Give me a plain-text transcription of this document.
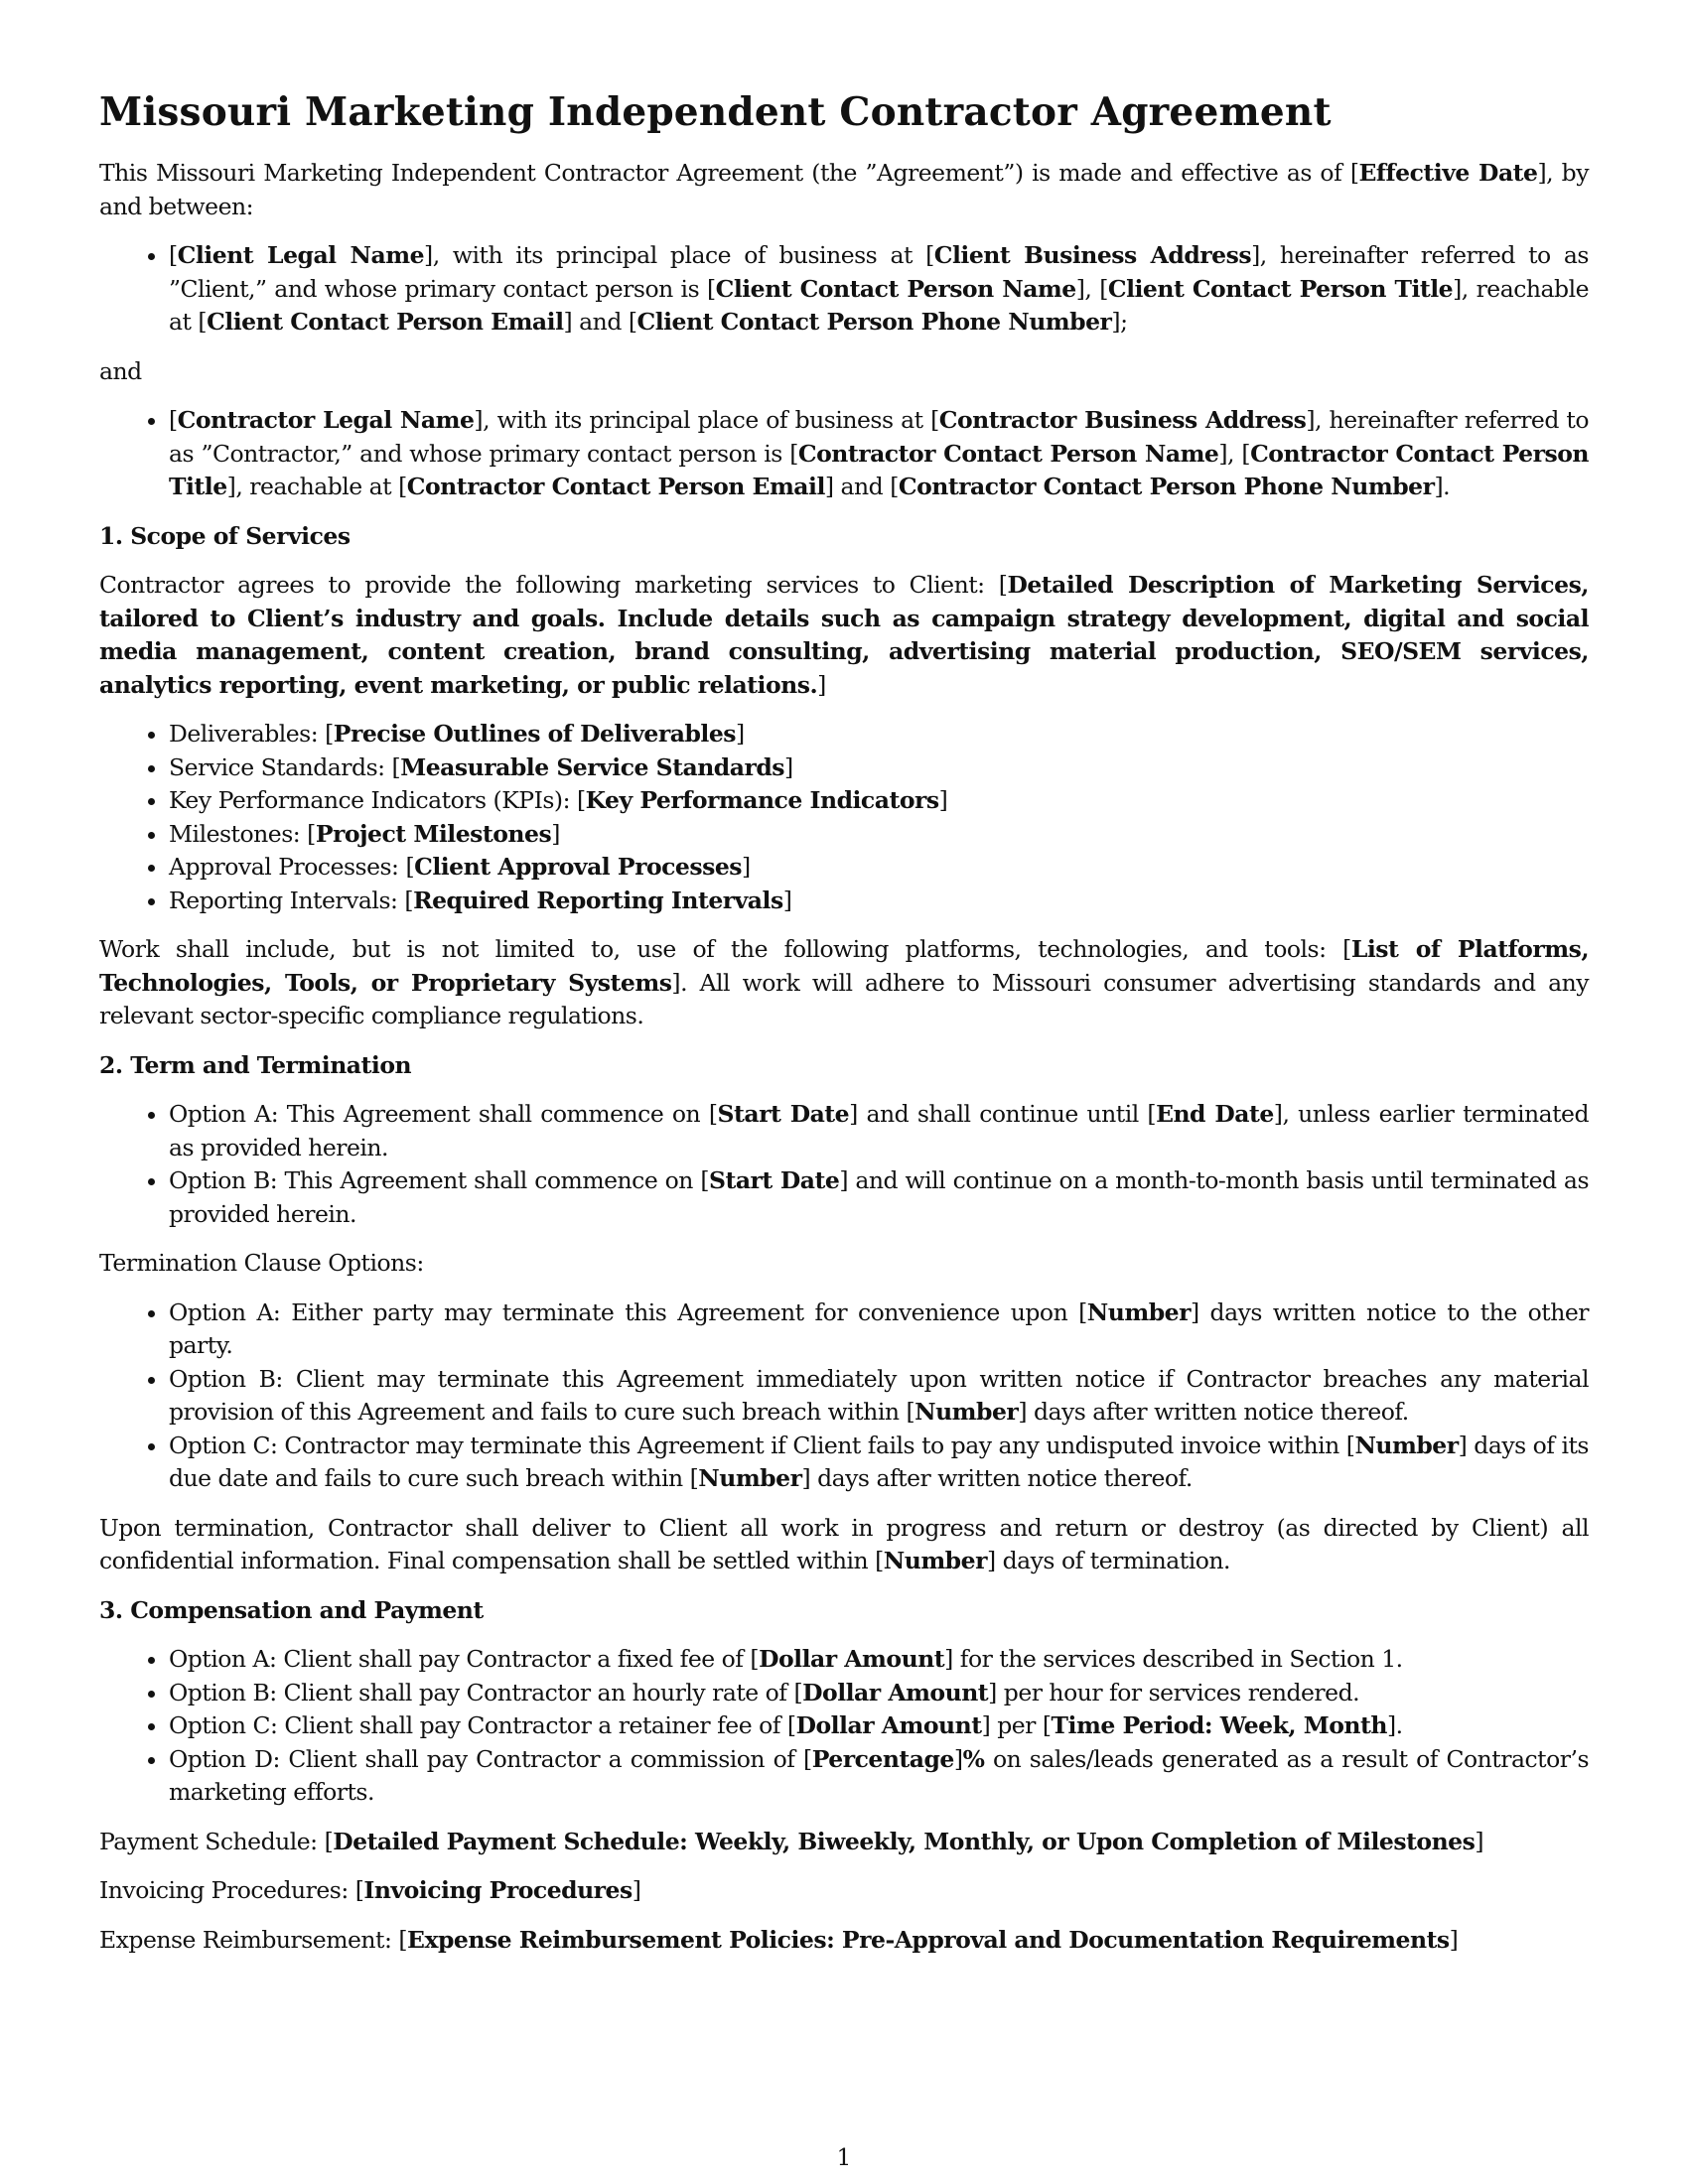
Missouri Marketing Independent Contractor Agreement

This Missouri Marketing Independent Contractor Agreement (the ”Agreement”) is made and effective as of [Effective Date], by and between:

• [Client Legal Name], with its principal place of business at [Client Business Address], hereinafter referred to as ”Client,” and whose primary contact person is [Client Contact Person Name], [Client Contact Person Title], reachable at [Client Contact Person Email] and [Client Contact Person Phone Number];

and

• [Contractor Legal Name], with its principal place of business at [Contractor Business Address], hereinafter referred to as ”Contractor,” and whose primary contact person is [Contractor Contact Person Name], [Contractor Contact Person Title], reachable at [Contractor Contact Person Email] and [Contractor Contact Person Phone Number].
1. Scope of Services

Contractor agrees to provide the following marketing services to Client: [Detailed Description of Marketing Services, tailored to Client’s industry and goals. Include details such as campaign strategy development, digital and social media management, content creation, brand consulting, advertising material production, SEO/SEM services, analytics reporting, event marketing, or public relations.]

• Deliverables: [Precise Outlines of Deliverables]
• Service Standards: [Measurable Service Standards]
• Key Performance Indicators (KPIs): [Key Performance Indicators]
• Milestones: [Project Milestones]
• Approval Processes: [Client Approval Processes]
• Reporting Intervals: [Required Reporting Intervals]

Work shall include, but is not limited to, use of the following platforms, technologies, and tools: [List of Platforms, Technologies, Tools, or Proprietary Systems]. All work will adhere to Missouri consumer advertising standards and any relevant sector-specific compliance regulations.

2. Term and Termination
• Option A: This Agreement shall commence on [Start Date] and shall continue until [End Date], unless earlier terminated as provided herein.
• Option B: This Agreement shall commence on [Start Date] and will continue on a month-to-month basis until terminated as provided herein.

Termination Clause Options:

• Option A: Either party may terminate this Agreement for convenience upon [Number] days written notice to the other party.
• Option B: Client may terminate this Agreement immediately upon written notice if Contractor breaches any material provision of this Agreement and fails to cure such breach within [Number] days after written notice thereof.
• Option C: Contractor may terminate this Agreement if Client fails to pay any undisputed invoice within [Number] days of its due date and fails to cure such breach within [Number] days after written notice thereof.

Upon termination, Contractor shall deliver to Client all work in progress and return or destroy (as directed by Client) all confidential information. Final compensation shall be settled within [Number] days of termination.

3. Compensation and Payment
• Option A: Client shall pay Contractor a fixed fee of [Dollar Amount] for the services described in Section 1.
• Option B: Client shall pay Contractor an hourly rate of [Dollar Amount] per hour for services rendered.
• Option C: Client shall pay Contractor a retainer fee of [Dollar Amount] per [Time Period: Week, Month].
• Option D: Client shall pay Contractor a commission of [Percentage]% on sales/leads generated as a result of Contractor’s marketing efforts.

Payment Schedule: [Detailed Payment Schedule: Weekly, Biweekly, Monthly, or Upon Completion of Milestones]

Invoicing Procedures: [Invoicing Procedures]

Expense Reimbursement: [Expense Reimbursement Policies: Pre-Approval and Documentation Requirements]

1
